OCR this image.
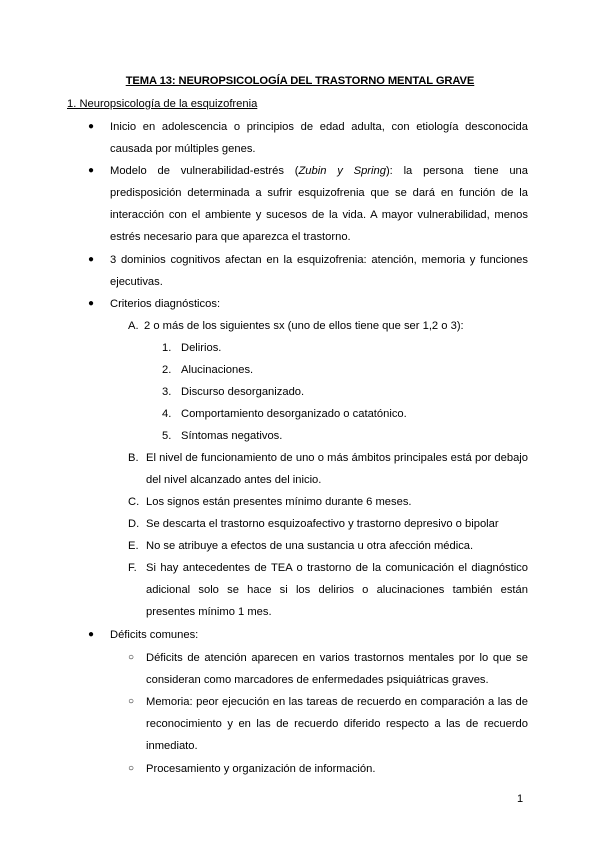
TEMA 13: NEUROPSICOLOGÍA DEL TRASTORNO MENTAL GRAVE
1. Neuropsicología de la esquizofrenia
● Inicio en adolescencia o principios de edad adulta, con etiología desconocida causada por múltiples genes.
● Modelo de vulnerabilidad-estrés (Zubin y Spring): la persona tiene una predisposición determinada a sufrir esquizofrenia que se dará en función de la interacción con el ambiente y sucesos de la vida. A mayor vulnerabilidad, menos estrés necesario para que aparezca el trastorno.
● 3 dominios cognitivos afectan en la esquizofrenia: atención, memoria y funciones ejecutivas.
● Criterios diagnósticos:
A. 2 o más de los siguientes sx (uno de ellos tiene que ser 1,2 o 3):
1. Delirios.
2. Alucinaciones.
3. Discurso desorganizado.
4. Comportamiento desorganizado o catatónico.
5. Síntomas negativos.
B. El nivel de funcionamiento de uno o más ámbitos principales está por debajo del nivel alcanzado antes del inicio.
C. Los signos están presentes mínimo durante 6 meses.
D. Se descarta el trastorno esquizoafectivo y trastorno depresivo o bipolar
E. No se atribuye a efectos de una sustancia u otra afección médica.
F. Si hay antecedentes de TEA o trastorno de la comunicación el diagnóstico adicional solo se hace si los delirios o alucinaciones también están presentes mínimo 1 mes.
● Déficits comunes:
○ Déficits de atención aparecen en varios trastornos mentales por lo que se consideran como marcadores de enfermedades psiquiátricas graves.
○ Memoria: peor ejecución en las tareas de recuerdo en comparación a las de reconocimiento y en las de recuerdo diferido respecto a las de recuerdo inmediato.
○ Procesamiento y organización de información.
1
